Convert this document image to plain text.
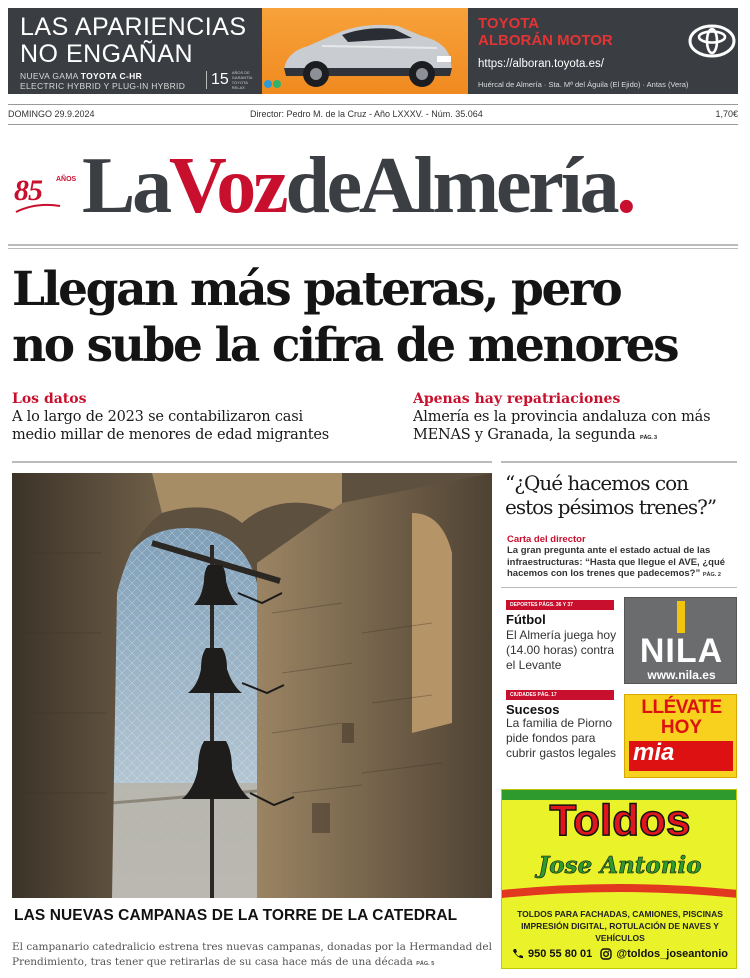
LAS APARIENCIAS
NO ENGAÑAN
NUEVA GAMA TOYOTA C-HR
ELECTRIC HYBRID Y PLUG-IN HYBRID	15 AÑOS DE GARANTÍA TOYOTA RELAX
TOYOTA
ALBORÁN MOTOR
https://alboran.toyota.es/
Huércal de Almería · Sta. Mª del Águila (El Ejido) · Antas (Vera)
DOMINGO 29.9.2024	Director: Pedro M. de la Cruz - Año LXXXV. - Núm. 35.064	1,70€
85 AÑOS LaVozdeAlmería.
Llegan más pateras, pero
no sube la cifra de menores
Los datos
A lo largo de 2023 se contabilizaron casi medio millar de menores de edad migrantes
Apenas hay repatriaciones
Almería es la provincia andaluza con más MENAS y Granada, la segunda PÁG. 3
LAS NUEVAS CAMPANAS DE LA TORRE DE LA CATEDRAL
El campanario catedralicio estrena tres nuevas campanas, donadas por la Hermandad del Prendimiento, tras tener que retirarlas de su casa hace más de una década PÁG. 5
“¿Qué hacemos con
estos pésimos trenes?”
Carta del director
La gran pregunta ante el estado actual de las infraestructuras: “Hasta que llegue el AVE, ¿qué hacemos con los trenes que padecemos?” PÁG. 2
DEPORTES PÁGS. 36 Y 37
Fútbol
El Almería juega hoy (14.00 horas) contra el Levante
CIUDADES PÁG. 17
Sucesos
La familia de Piorno pide fondos para cubrir gastos legales
NILA
www.nila.es
LLÉVATE
HOY
mia
Toldos
Jose Antonio
TOLDOS PARA FACHADAS, CAMIONES, PISCINAS IMPRESIÓN DIGITAL, ROTULACIÓN DE NAVES Y VEHÍCULOS
950 55 80 01 @toldos_joseantonio
